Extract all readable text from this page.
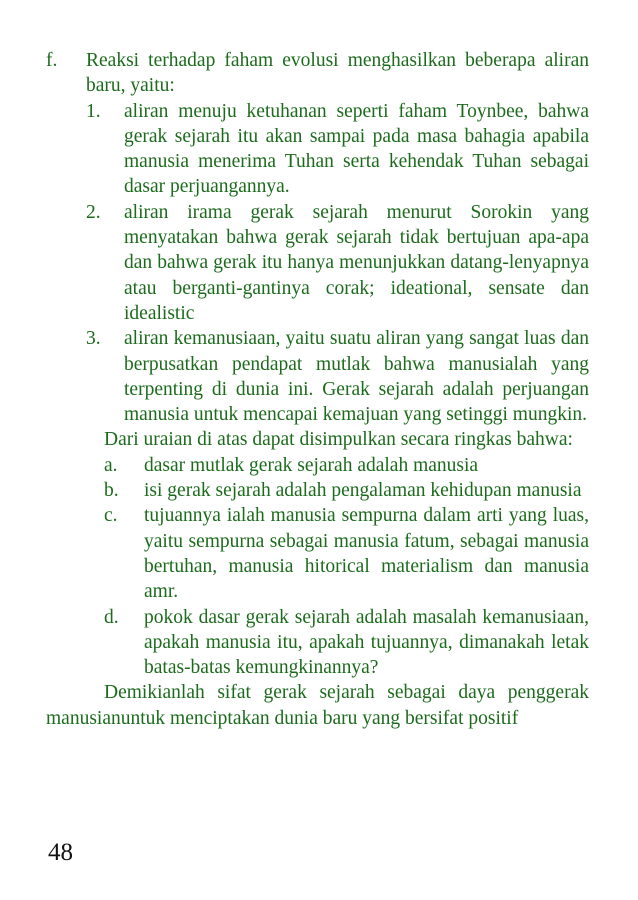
f.	Reaksi terhadap faham evolusi menghasilkan beberapa aliran baru, yaitu:
1.	aliran menuju ketuhanan seperti faham Toynbee, bahwa gerak sejarah itu akan sampai pada masa bahagia apabila manusia menerima Tuhan serta kehendak Tuhan sebagai dasar perjuangannya.
2.	aliran irama gerak sejarah menurut Sorokin yang menyatakan bahwa gerak sejarah tidak bertujuan apa-apa dan bahwa gerak itu hanya menunjukkan datang-lenyapnya atau berganti-gantinya corak; ideational, sensate dan idealistic
3.	aliran kemanusiaan, yaitu suatu aliran yang sangat luas dan berpusatkan pendapat mutlak bahwa manusialah yang terpenting di dunia ini. Gerak sejarah adalah perjuangan manusia untuk mencapai kemajuan yang setinggi mungkin.

Dari uraian di atas dapat disimpulkan secara ringkas bahwa:

a.	dasar mutlak gerak sejarah adalah manusia
b.	isi gerak sejarah adalah pengalaman kehidupan manusia
c.	tujuannya ialah manusia sempurna dalam arti yang luas, yaitu sempurna sebagai manusia fatum, sebagai manusia bertuhan, manusia hitorical materialism dan manusia amr.
d.	pokok dasar gerak sejarah adalah masalah kemanusiaan, apakah manusia itu, apakah tujuannya, dimanakah letak batas-batas kemungkinannya?

Demikianlah sifat gerak sejarah sebagai daya penggerak manusianuntuk menciptakan dunia baru yang bersifat positif

48
